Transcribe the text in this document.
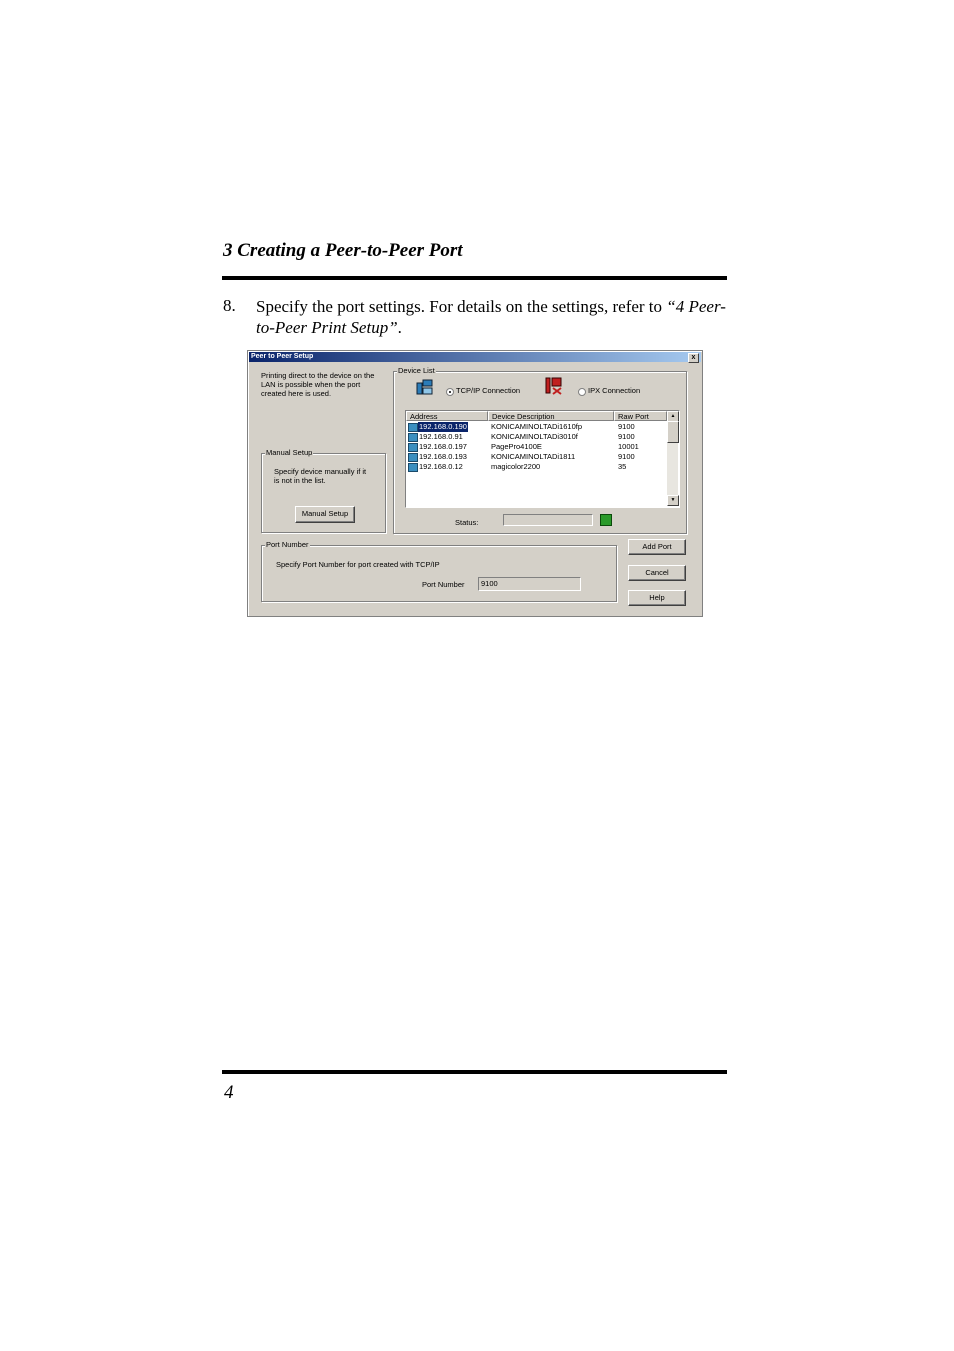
3 Creating a Peer-to-Peer Port
8. Specify the port settings. For details on the settings, refer to “4 Peer-to-Peer Print Setup”.
Peer to Peer Setup	x
Printing direct to the device on the
LAN is possible when the port
created here is used.
Manual Setup
Specify device manually if it
is not in the list.
Manual Setup
Device List
TCP/IP Connection	IPX Connection
Address	Device Description	Raw Port
192.168.0.190	KONICAMINOLTADi1610fp	9100
192.168.0.91	KONICAMINOLTADi3010f	9100
192.168.0.197	PagePro4100E	10001
192.168.0.193	KONICAMINOLTADi1811	9100
192.168.0.12	magicolor2200	35
▲
▼
Status:
Port Number
Specify Port Number for port created with TCP/IP
Port Number	9100
Add Port
Cancel
Help
4
